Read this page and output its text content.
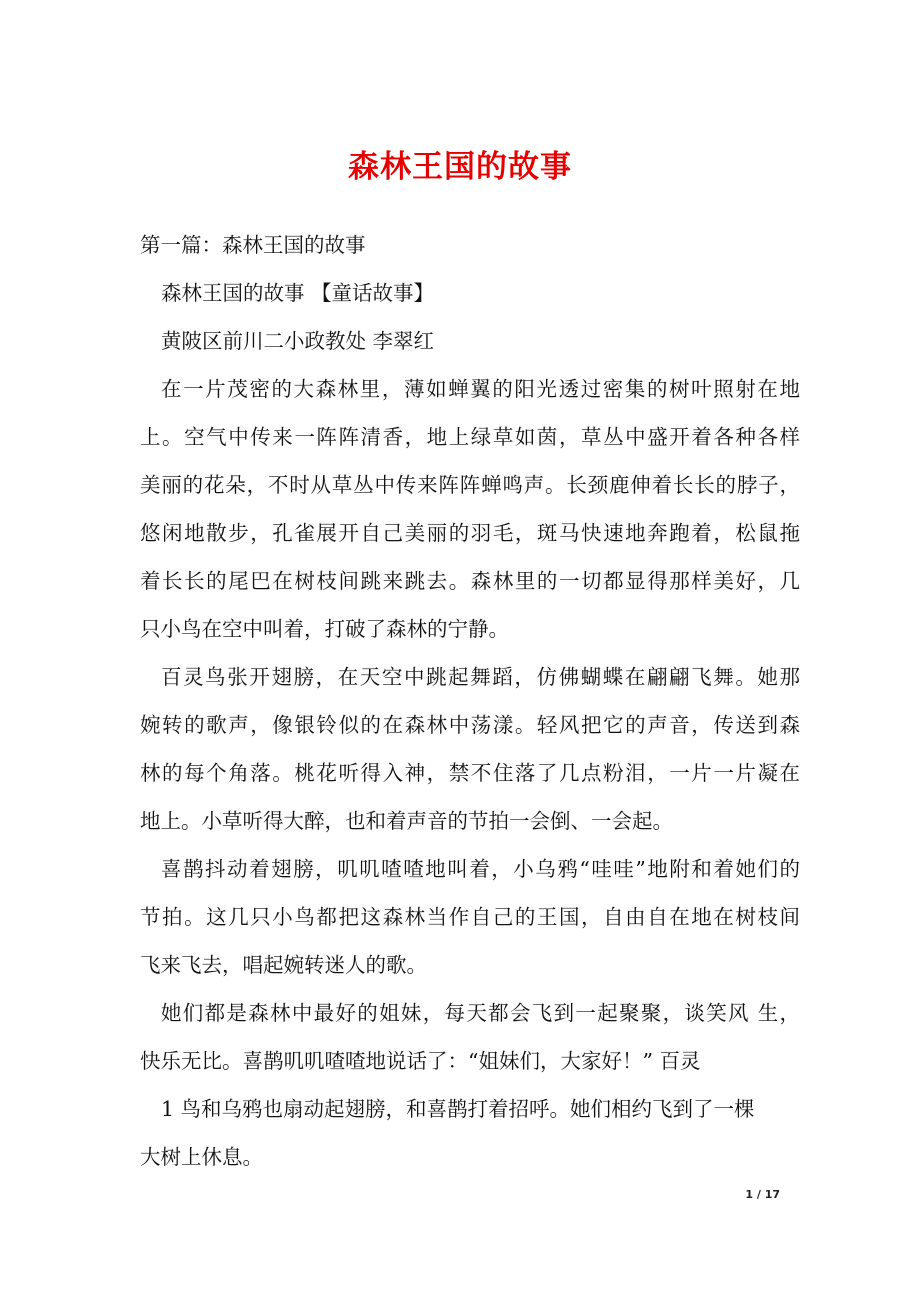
森林王国的故事
第一篇：森林王国的故事
森林王国的故事 【童话故事】
黄陂区前川二小政教处 李翠红
在一片茂密的大森林里，薄如蝉翼的阳光透过密集的树叶照射在地
上。空气中传来一阵阵清香，地上绿草如茵，草丛中盛开着各种各样
美丽的花朵，不时从草丛中传来阵阵蝉鸣声。长颈鹿伸着长长的脖子，
悠闲地散步，孔雀展开自己美丽的羽毛，斑马快速地奔跑着，松鼠拖
着长长的尾巴在树枝间跳来跳去。森林里的一切都显得那样美好，几
只小鸟在空中叫着，打破了森林的宁静。
百灵鸟张开翅膀，在天空中跳起舞蹈，仿佛蝴蝶在翩翩飞舞。她那
婉转的歌声，像银铃似的在森林中荡漾。轻风把它的声音，传送到森
林的每个角落。桃花听得入神，禁不住落了几点粉泪，一片一片凝在
地上。小草听得大醉，也和着声音的节拍一会倒、一会起。
喜鹊抖动着翅膀，叽叽喳喳地叫着，小乌鸦“哇哇”地附和着她们的
节拍。这几只小鸟都把这森林当作自己的王国，自由自在地在树枝间
飞来飞去，唱起婉转迷人的歌。
她们都是森林中最好的姐妹，每天都会飞到一起聚聚，谈笑风 生，
快乐无比。喜鹊叽叽喳喳地说话了：“姐妹们，大家好！” 百灵
1 鸟和乌鸦也扇动起翅膀，和喜鹊打着招呼。她们相约飞到了一棵
大树上休息。
1 / 17
